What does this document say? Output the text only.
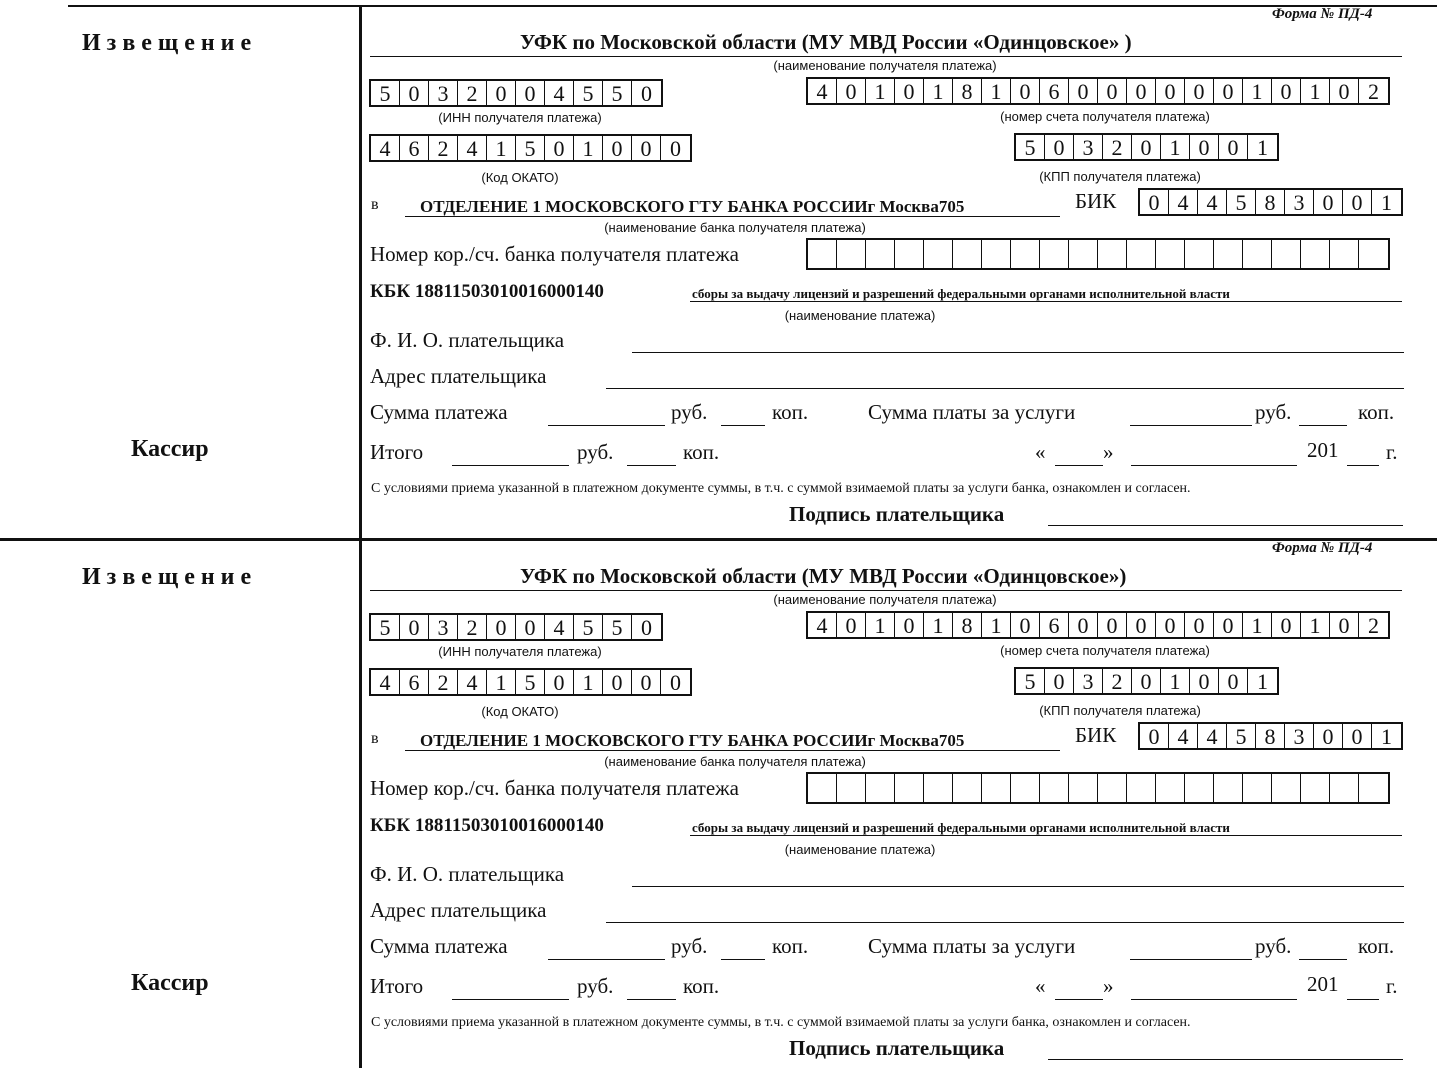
Извещение
Кассир
Форма № ПД-4
УФК по Московской области (МУ МВД России «Одинцовское» )
(наименование получателя платежа)
5 0 3 2 0 0 4 5 5 0	4 0 1 0 1 8 1 0 6 0 0 0 0 0 0 1 0 1 0 2
(ИНН получателя платежа)	(номер счета получателя платежа)
4 6 2 4 1 5 0 1 0 0 0	5 0 3 2 0 1 0 0 1
(Код ОКАТО)	(КПП получателя платежа)
в ОТДЕЛЕНИЕ 1 МОСКОВСКОГО ГТУ БАНКА РОССИИг Москва705	БИК	0 4 4 5 8 3 0 0 1
(наименование банка получателя платежа)
Номер кор./сч. банка получателя платежа
КБК 18811503010016000140	сборы за выдачу лицензий и разрешений федеральными органами исполнительной власти
(наименование платежа)
Ф. И. О. плательщика
Адрес плательщика
Сумма платежа	руб.	коп.	Сумма платы за услуги	руб.	коп.
Итого	руб.	коп.	«	»	201 г.
С условиями приема указанной в платежном документе суммы, в т.ч. с суммой взимаемой платы за услуги банка, ознакомлен и согласен.
Подпись плательщика
Извещение
Кассир
Форма № ПД-4
УФК по Московской области (МУ МВД России «Одинцовское»)
(наименование получателя платежа)
5 0 3 2 0 0 4 5 5 0	4 0 1 0 1 8 1 0 6 0 0 0 0 0 0 1 0 1 0 2
(ИНН получателя платежа)	(номер счета получателя платежа)
4 6 2 4 1 5 0 1 0 0 0	5 0 3 2 0 1 0 0 1
(Код ОКАТО)	(КПП получателя платежа)
в ОТДЕЛЕНИЕ 1 МОСКОВСКОГО ГТУ БАНКА РОССИИг Москва705	БИК	0 4 4 5 8 3 0 0 1
(наименование банка получателя платежа)
Номер кор./сч. банка получателя платежа
КБК 18811503010016000140	сборы за выдачу лицензий и разрешений федеральными органами исполнительной власти
(наименование платежа)
Ф. И. О. плательщика
Адрес плательщика
Сумма платежа	руб.	коп.	Сумма платы за услуги	руб.	коп.
Итого	руб.	коп.	«	»	201 г.
С условиями приема указанной в платежном документе суммы, в т.ч. с суммой взимаемой платы за услуги банка, ознакомлен и согласен.
Подпись плательщика
